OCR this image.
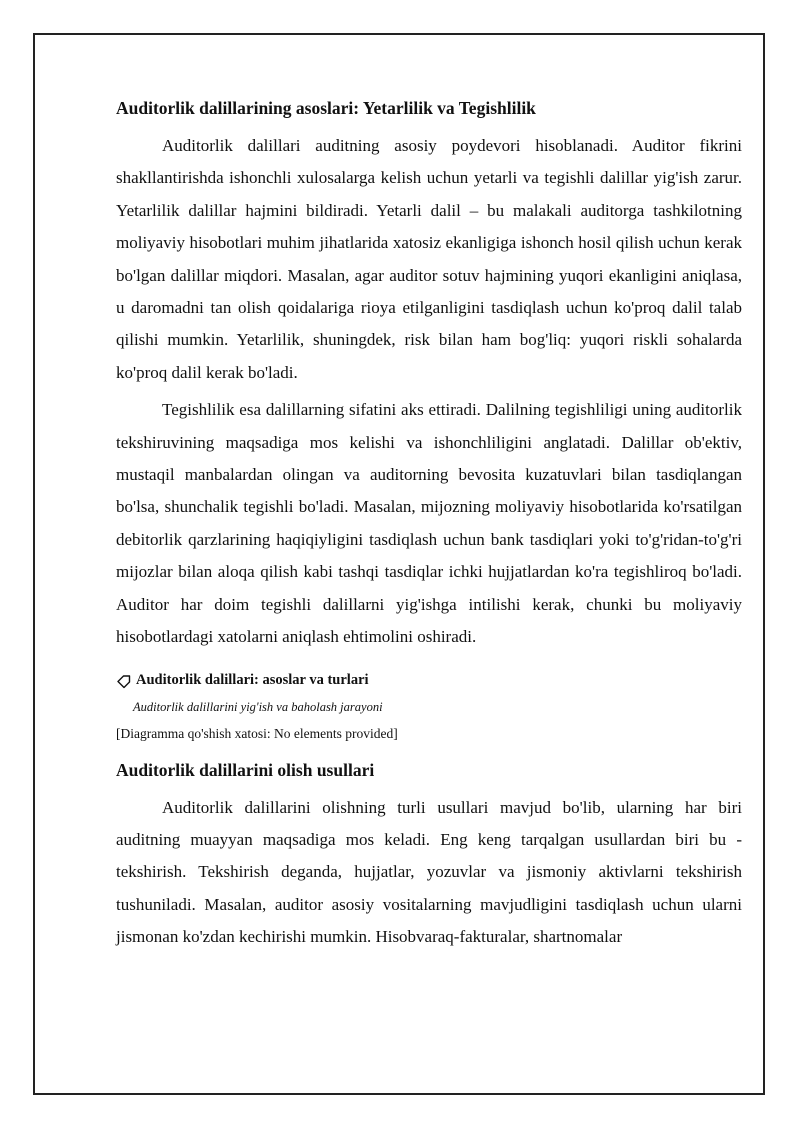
Auditorlik dalillarining asoslari: Yetarlilik va Tegishlilik

Auditorlik dalillari auditning asosiy poydevori hisoblanadi. Auditor fikrini shakllantirishda ishonchli xulosalarga kelish uchun yetarli va tegishli dalillar yig'ish zarur. Yetarlilik dalillar hajmini bildiradi. Yetarli dalil – bu malakali auditorga tashkilotning moliyaviy hisobotlari muhim jihatlarida xatosiz ekanligiga ishonch hosil qilish uchun kerak bo'lgan dalillar miqdori. Masalan, agar auditor sotuv hajmining yuqori ekanligini aniqlasa, u daromadni tan olish qoidalariga rioya etilganligini tasdiqlash uchun ko'proq dalil talab qilishi mumkin. Yetarlilik, shuningdek, risk bilan ham bog'liq: yuqori riskli sohalarda ko'proq dalil kerak bo'ladi.

Tegishlilik esa dalillarning sifatini aks ettiradi. Dalilning tegishliligi uning auditorlik tekshiruvining maqsadiga mos kelishi va ishonchliligini anglatadi. Dalillar ob'ektiv, mustaqil manbalardan olingan va auditorning bevosita kuzatuvlari bilan tasdiqlangan bo'lsa, shunchalik tegishli bo'ladi. Masalan, mijozning moliyaviy hisobotlarida ko'rsatilgan debitorlik qarzlarining haqiqiyligini tasdiqlash uchun bank tasdiqlari yoki to'g'ridan-to'g'ri mijozlar bilan aloqa qilish kabi tashqi tasdiqlar ichki hujjatlardan ko'ra tegishliroq bo'ladi. Auditor har doim tegishli dalillarni yig'ishga intilishi kerak, chunki bu moliyaviy hisobotlardagi xatolarni aniqlash ehtimolini oshiradi.

Auditorlik dalillari: asoslar va turlari
Auditorlik dalillarini yig'ish va baholash jarayoni
[Diagramma qo'shish xatosi: No elements provided]
Auditorlik dalillarini olish usullari

Auditorlik dalillarini olishning turli usullari mavjud bo'lib, ularning har biri auditning muayyan maqsadiga mos keladi. Eng keng tarqalgan usullardan biri bu - tekshirish. Tekshirish deganda, hujjatlar, yozuvlar va jismoniy aktivlarni tekshirish tushuniladi. Masalan, auditor asosiy vositalarning mavjudligini tasdiqlash uchun ularni jismonan ko'zdan kechirishi mumkin. Hisobvaraq-fakturalar, shartnomalar
